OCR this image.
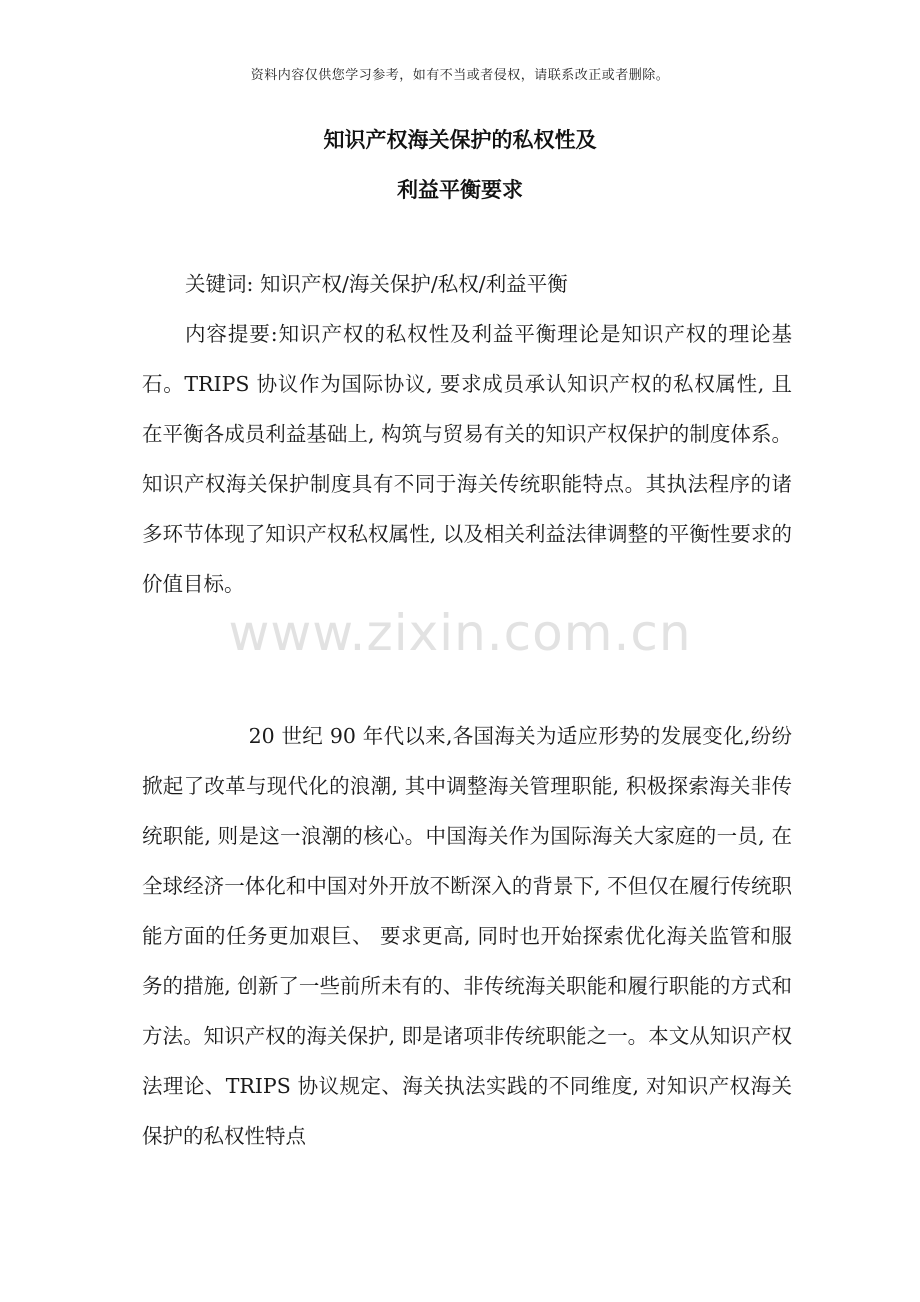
资料内容仅供您学习参考，如有不当或者侵权，请联系改正或者删除。
知识产权海关保护的私权性及
利益平衡要求

关键词: 知识产权/海关保护/私权/利益平衡

内容提要:知识产权的私权性及利益平衡理论是知识产权的理论基石。TRIPS 协议作为国际协议, 要求成员承认知识产权的私权属性, 且在平衡各成员利益基础上, 构筑与贸易有关的知识产权保护的制度体系。知识产权海关保护制度具有不同于海关传统职能特点。其执法程序的诸多环节体现了知识产权私权属性, 以及相关利益法律调整的平衡性要求的价值目标。

www.zixin.com.cn

20 世纪 90 年代以来,各国海关为适应形势的发展变化,纷纷掀起了改革与现代化的浪潮, 其中调整海关管理职能, 积极探索海关非传统职能, 则是这一浪潮的核心。中国海关作为国际海关大家庭的一员, 在全球经济一体化和中国对外开放不断深入的背景下, 不但仅在履行传统职能方面的任务更加艰巨、 要求更高, 同时也开始探索优化海关监管和服务的措施, 创新了一些前所未有的、非传统海关职能和履行职能的方式和方法。知识产权的海关保护, 即是诸项非传统职能之一。本文从知识产权法理论、TRIPS 协议规定、海关执法实践的不同维度, 对知识产权海关保护的私权性特点
